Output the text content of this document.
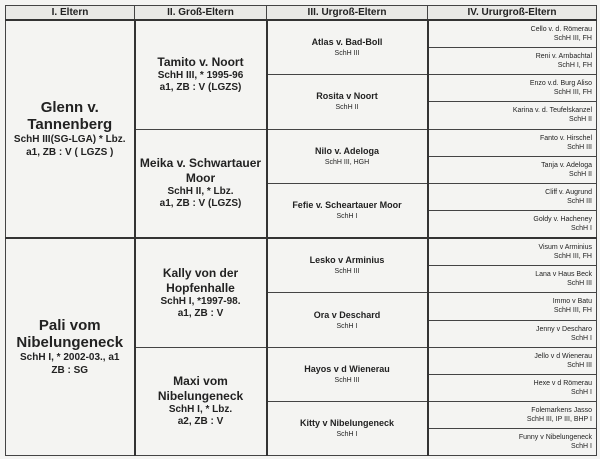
I. Eltern	II. Groß-Eltern	III. Urgroß-Eltern	IV. Ururgroß-Eltern

Glenn v. Tannenberg
SchH III(SG-LGA) * Lbz.
a1, ZB : V ( LGZS )	Tamito v. Noort
SchH III, * 1995-96
a1, ZB : V (LGZS)	Atlas v. Bad-Boll
SchH III	Cello v. d. Römerau
SchH III, FH

			Reni v. Arnbachtal
SchH I, FH

		Rosita v Noort
SchH II	Enzo v.d. Burg Aliso
SchH III, FH

			Karina v. d. Teufelskanzel
SchH II

	Meika v. Schwartauer Moor
SchH II, * Lbz.
a1, ZB : V (LGZS)	Nilo v. Adeloga
SchH III, HGH	Fanto v. Hirschel
SchH III

			Tanja v. Adeloga
SchH II

		Fefie v. Scheartauer Moor
SchH I	Cliff v. Augrund
SchH III

			Goldy v. Hacheney
SchH I

Pali vom Nibelungeneck
SchH I, * 2002-03., a1
ZB : SG	Kally von der Hopfenhalle
SchH I, *1997-98.
a1, ZB : V	Lesko v Arminius
SchH III	Visum v Arminius
SchH III, FH

			Lana v Haus Beck
SchH III

		Ora v Deschard
SchH I	Immo v Batu
SchH III, FH

			Jenny v Descharo
SchH I

	Maxi vom Nibelungeneck
SchH I, * Lbz.
a2, ZB : V	Hayos v d Wienerau
SchH III	Jello v d Wienerau
SchH III

			Hexe v d Römerau
SchH I

		Kitty v Nibelungeneck
SchH I	Folemarkens Jasso
SchH III, IP III, BHP I

			Funny v Nibelungeneck
SchH I
